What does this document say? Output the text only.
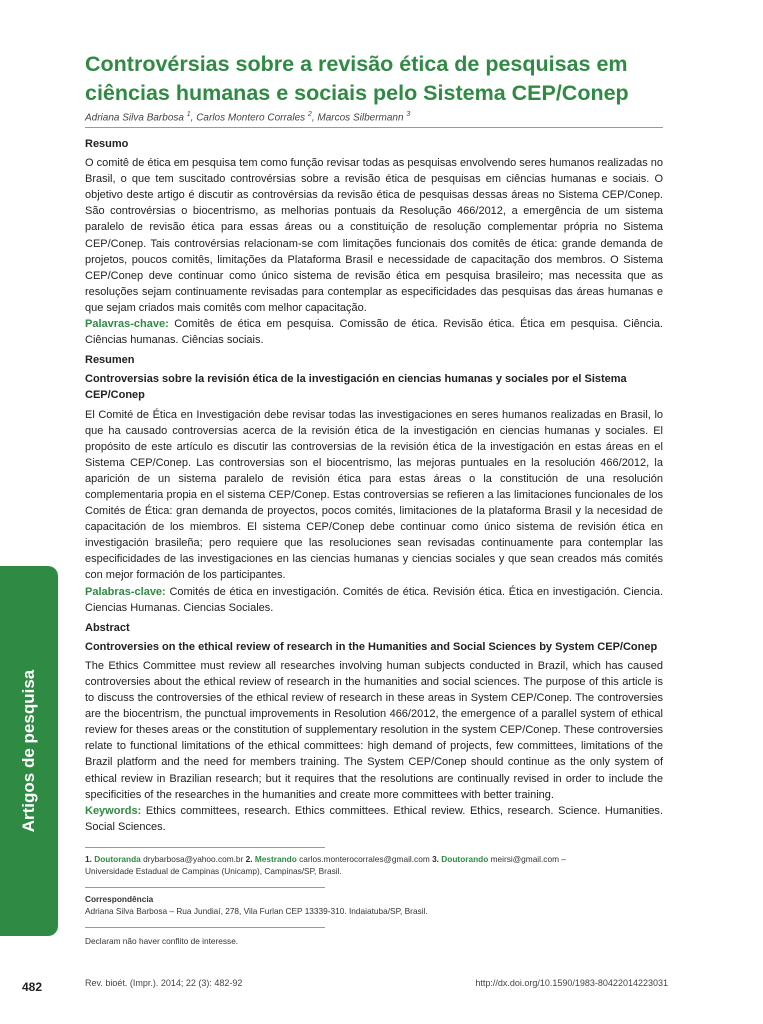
Controvérsias sobre a revisão ética de pesquisas em ciências humanas e sociais pelo Sistema CEP/Conep
Adriana Silva Barbosa $^1$, Carlos Montero Corrales $^2$, Marcos Silbermann $^3$
Resumo

O comitê de ética em pesquisa tem como função revisar todas as pesquisas envolvendo seres humanos realizadas no Brasil, o que tem suscitado controvérsias sobre a revisão ética de pesquisas em ciências humanas e sociais. O objetivo deste artigo é discutir as controvérsias da revisão ética de pesquisas dessas áreas no Sistema CEP/Conep. São controvérsias o biocentrismo, as melhorias pontuais da Resolução 466/2012, a emergência de um sistema paralelo de revisão ética para essas áreas ou a constituição de resolução complementar própria no Sistema CEP/Conep. Tais controvérsias relacionam-se com limitações funcionais dos comitês de ética: grande demanda de projetos, poucos comitês, limitações da Plataforma Brasil e necessidade de capacitação dos membros. O Sistema CEP/Conep deve continuar como único sistema de revisão ética em pesquisa brasileiro; mas necessita que as resoluções sejam continuamente revisadas para contemplar as especificidades das pesquisas das áreas humanas e que sejam criados mais comitês com melhor capacitação.

Palavras-chave: Comitês de ética em pesquisa. Comissão de ética. Revisão ética. Ética em pesquisa. Ciência. Ciências humanas. Ciências sociais.

Resumen
Controversias sobre la revisión ética de la investigación en ciencias humanas y sociales por el Sistema CEP/Conep

El Comité de Ética en Investigación debe revisar todas las investigaciones en seres humanos realizadas en Brasil, lo que ha causado controversias acerca de la revisión ética de la investigación en ciencias humanas y sociales. El propósito de este artículo es discutir las controversias de la revisión ética de la investigación en estas áreas en el Sistema CEP/Conep. Las controversias son el biocentrismo, las mejoras puntuales en la resolución 466/2012, la aparición de un sistema paralelo de revisión ética para estas áreas o la constitución de una resolución complementaria propia en el sistema CEP/Conep. Estas controversias se refieren a las limitaciones funcionales de los Comités de Ética: gran demanda de proyectos, pocos comités, limitaciones de la plataforma Brasil y la necesidad de capacitación de los miembros. El sistema CEP/Conep debe continuar como único sistema de revisión ética en investigación brasileña; pero requiere que las resoluciones sean revisadas continuamente para contemplar las especificidades de las investigaciones en las ciencias humanas y ciencias sociales y que sean creados más comités con mejor formación de los participantes.

Palabras-clave: Comités de ética en investigación. Comités de ética. Revisión ética. Ética en investigación. Ciencia. Ciencias Humanas. Ciencias Sociales.

Abstract
Controversies on the ethical review of research in the Humanities and Social Sciences by System CEP/Conep

The Ethics Committee must review all researches involving human subjects conducted in Brazil, which has caused controversies about the ethical review of research in the humanities and social sciences. The purpose of this article is to discuss the controversies of the ethical review of research in these areas in System CEP/Conep. The controversies are the biocentrism, the punctual improvements in Resolution 466/2012, the emergence of a parallel system of ethical review for theses areas or the constitution of supplementary resolution in the system CEP/Conep. These controversies relate to functional limitations of the ethical committees: high demand of projects, few committees, limitations of the Brazil platform and the need for members training. The System CEP/Conep should continue as the only system of ethical review in Brazilian research; but it requires that the resolutions are continually revised in order to include the specificities of the researches in the humanities and create more committees with better training.

Keywords: Ethics committees, research. Ethics committees. Ethical review. Ethics, research. Science. Humanities. Social Sciences.

Artigos de pesquisa
1. Doutoranda drybarbosa@yahoo.com.br 2. Mestrando carlos.monterocorrales@gmail.com 3. Doutorando meirsi@gmail.com –
Universidade Estadual de Campinas (Unicamp), Campinas/SP, Brasil.
Correspondência
Adriana Silva Barbosa – Rua Jundiaí, 278, Vila Furlan CEP 13339-310. Indaiatuba/SP, Brasil.
Declaram não haver conflito de interesse.
482	Rev. bioét. (Impr.). 2014; 22 (3): 482-92	http://dx.doi.org/10.1590/1983-80422014223031
